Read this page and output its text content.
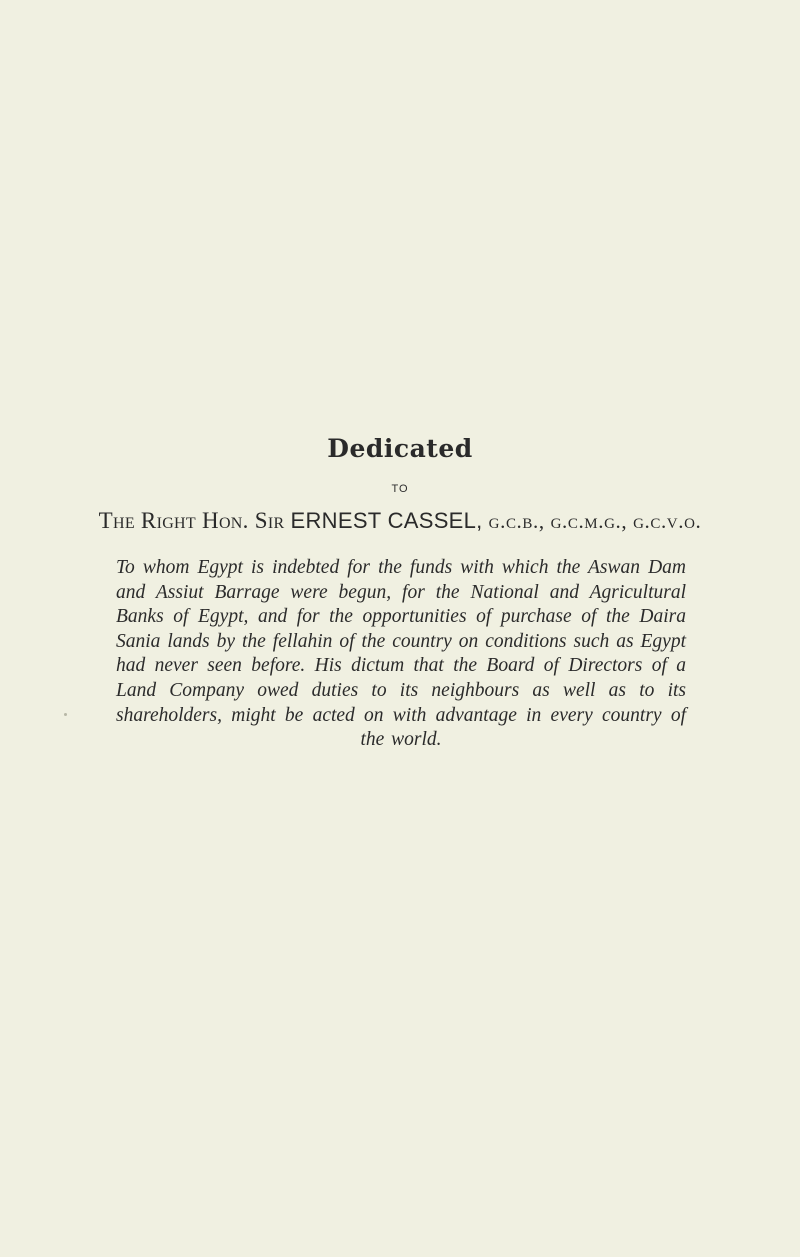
Dedicated
TO
The Right Hon. Sir ERNEST CASSEL, g.c.b., g.c.m.g., g.c.v.o.
To whom Egypt is indebted for the funds with which the Aswan Dam and Assiut Barrage were begun, for the National and Agricultural Banks of Egypt, and for the opportunities of purchase of the Daira Sania lands by the fellahin of the country on conditions such as Egypt had never seen before. His dictum that the Board of Directors of a Land Company owed duties to its neighbours as well as to its shareholders, might be acted on with advantage in every country of the world.
